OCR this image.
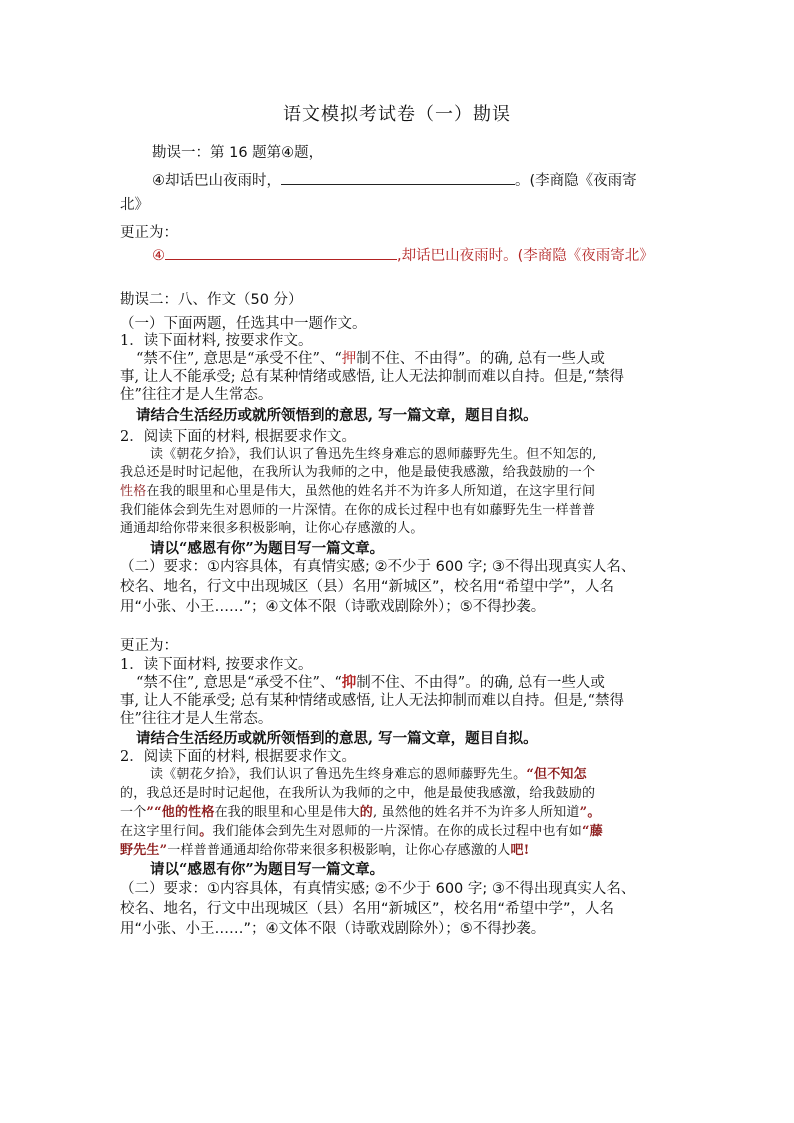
语文模拟考试卷（一）勘误
勘误一：第 16 题第④题，
④却话巴山夜雨时，	。(李商隐《夜雨寄
北》
更正为：
④	,却话巴山夜雨时。(李商隐《夜雨寄北》
勘误二：八、作文（50 分）
（一）下面两题，任选其中一题作文。
1．读下面材料, 按要求作文。
“禁不住”, 意思是“承受不住”、“押制不住、不由得”。的确, 总有一些人或
事, 让人不能承受; 总有某种情绪或感悟, 让人无法抑制而难以自持。但是,“禁得
住”往往才是人生常态。
请结合生活经历或就所领悟到的意思, 写一篇文章，题目自拟。
2．阅读下面的材料, 根据要求作文。
读《朝花夕拾》，我们认识了鲁迅先生终身难忘的恩师藤野先生。但不知怎的,
我总还是时时记起他，在我所认为我师的之中，他是最使我感激，给我鼓励的一个
性格在我的眼里和心里是伟大，虽然他的姓名并不为许多人所知道，在这字里行间
我们能体会到先生对恩师的一片深情。在你的成长过程中也有如藤野先生一样普普
通通却给你带来很多积极影响，让你心存感激的人。
请以“感恩有你”为题目写一篇文章。
（二）要求：①内容具体，有真情实感; ②不少于 600 字; ③不得出现真实人名、
校名、地名，行文中出现城区（县）名用“新城区”，校名用“希望中学”，人名
用“小张、小王……”；④文体不限（诗歌戏剧除外）；⑤不得抄袭。
更正为：
1．读下面材料, 按要求作文。
“禁不住”, 意思是“承受不住”、“抑制不住、不由得”。的确, 总有一些人或
事, 让人不能承受; 总有某种情绪或感悟, 让人无法抑制而难以自持。但是,“禁得
住”往往才是人生常态。
请结合生活经历或就所领悟到的意思, 写一篇文章，题目自拟。
2．阅读下面的材料, 根据要求作文。
读《朝花夕拾》，我们认识了鲁迅先生终身难忘的恩师藤野先生。“但不知怎
的，我总还是时时记起他，在我所认为我师的之中，他是最使我感激，给我鼓励的
一个”“他的性格在我的眼里和心里是伟大的, 虽然他的姓名并不为许多人所知道”。
在这字里行间。我们能体会到先生对恩师的一片深情。在你的成长过程中也有如“藤
野先生”一样普普通通却给你带来很多积极影响，让你心存感激的人吧!
请以“感恩有你”为题目写一篇文章。
（二）要求：①内容具体，有真情实感; ②不少于 600 字; ③不得出现真实人名、
校名、地名，行文中出现城区（县）名用“新城区”，校名用“希望中学”，人名
用“小张、小王……”；④文体不限（诗歌戏剧除外）；⑤不得抄袭。
